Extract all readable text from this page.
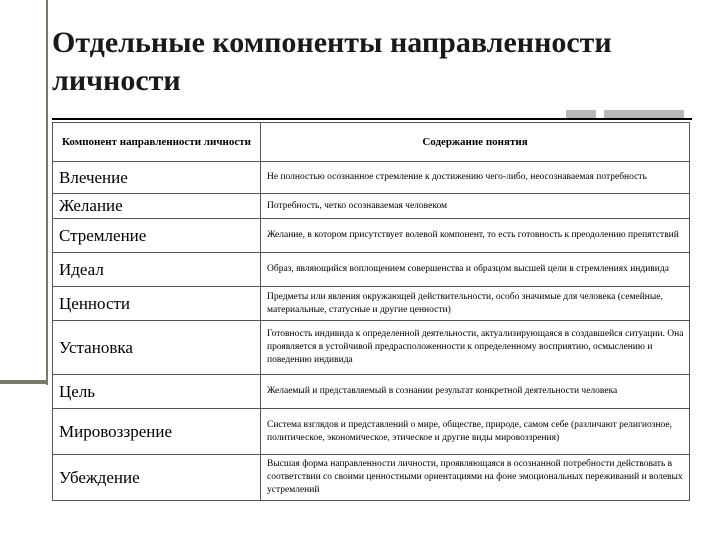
Отдельные компоненты направленности личности
Компонент направленности личности	Содержание понятия
Влечение	Не полностью осознанное стремление к достижению чего-либо, неосознаваемая потребность
Желание	Потребность, четко осознаваемая человеком
Стремление	Желание, в котором присутствует волевой компонент, то есть готовность к преодолению препятствий
Идеал	Образ, являющийся воплощением совершенства и образцом высшей цели в стремлениях индивида
Ценности	Предметы или явления окружающей действительности, особо значимые для человека (семейные, материальные, статусные и другие ценности)
Установка	Готовность индивида к определенной деятельности, актуализирующаяся в создавшейся ситуации. Она проявляется в устойчивой предрасположенности к определенному восприятию, осмыслению и поведению индивида
Цель	Желаемый и представляемый в сознании результат конкретной деятельности человека
Мировоззрение	Система взглядов и представлений о мире, обществе, природе, самом себе (различают религиозное, политическое, экономическое, этическое и другие виды мировоззрения)
Убеждение	Высшая форма направленности личности, проявляющаяся в осознанной потребности действовать в соответствии со своими ценностными ориентациями на фоне эмоциональных переживаний и волевых устремлений
